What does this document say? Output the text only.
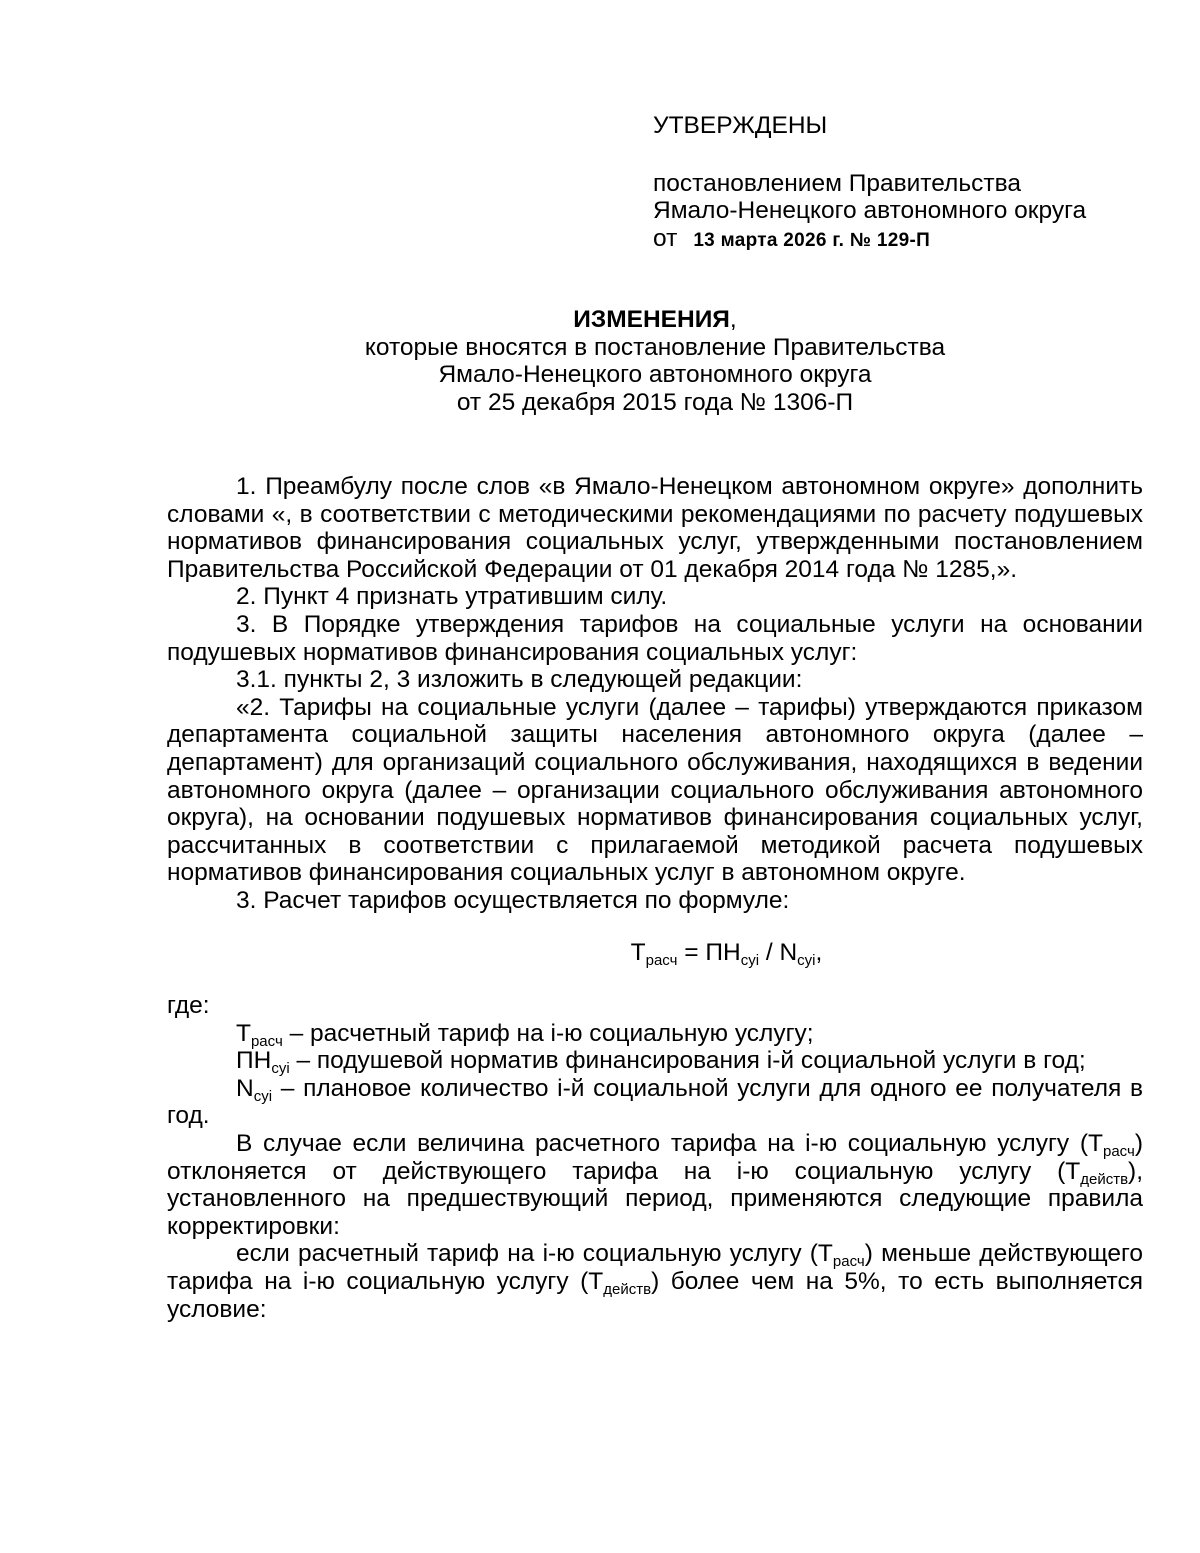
УТВЕРЖДЕНЫ
постановлением Правительства
Ямало-Ненецкого автономного округа
от 13 марта 2026 г. № 129-П
ИЗМЕНЕНИЯ,
которые вносятся в постановление Правительства
Ямало-Ненецкого автономного округа
от 25 декабря 2015 года № 1306-П

1. Преамбулу после слов «в Ямало-Ненецком автономном округе» дополнить словами «, в соответствии с методическими рекомендациями по расчету подушевых нормативов финансирования социальных услуг, утвержденными постановлением Правительства Российской Федерации от 01 декабря 2014 года № 1285,».

2. Пункт 4 признать утратившим силу.

3. В Порядке утверждения тарифов на социальные услуги на основании подушевых нормативов финансирования социальных услуг:

3.1. пункты 2, 3 изложить в следующей редакции:

«2. Тарифы на социальные услуги (далее – тарифы) утверждаются приказом департамента социальной защиты населения автономного округа (далее – департамент) для организаций социального обслуживания, находящихся в ведении автономного округа (далее – организации социального обслуживания автономного округа), на основании подушевых нормативов финансирования социальных услуг, рассчитанных в соответствии с прилагаемой методикой расчета подушевых нормативов финансирования социальных услуг в автономном округе.

3. Расчет тарифов осуществляется по формуле:

$Т_{расч} = ПН_{суi} / N_{суi}$,

где:

$Т_{расч}$ – расчетный тариф на i-ю социальную услугу;

$ПН_{суi}$ – подушевой норматив финансирования i-й социальной услуги в год;

$N_{суi}$ – плановое количество i-й социальной услуги для одного ее получателя в год.

В случае если величина расчетного тарифа на i-ю социальную услугу $(Т_{расч})$ отклоняется от действующего тарифа на i-ю социальную услугу $(Т_{действ})$, установленного на предшествующий период, применяются следующие правила корректировки:

если расчетный тариф на i-ю социальную услугу $(Т_{расч})$ меньше действующего тарифа на i-ю социальную услугу $(Т_{действ})$ более чем на 5%, то есть выполняется условие:
